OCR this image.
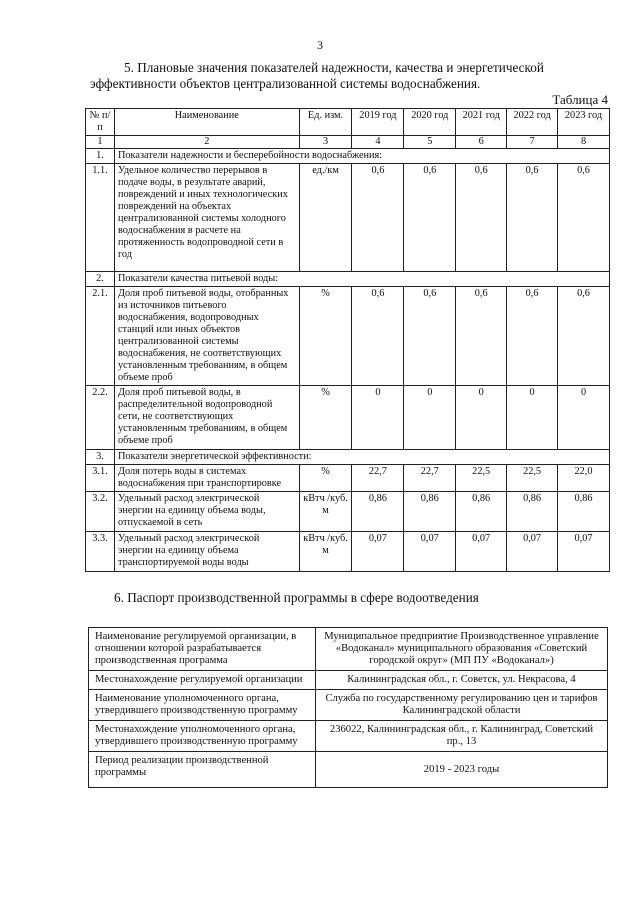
3
5. Плановые значения показателей надежности, качества и энергетической
эффективности объектов централизованной системы водоснабжения.
Таблица 4
№ п/п	Наименование	Ед. изм.	2019 год	2020 год	2021 год	2022 год	2023 год
1	2	3	4	5	6	7	8
1.	Показатели надежности и бесперебойности водоснабжения:						
1.1.	Удельное количество перерывов в подаче воды, в результате аварий, повреждений и иных технологических повреждений на объектах централизованной системы холодного водоснабжения в расчете на протяженность водопроводной сети в год	ед./км	0,6	0,6	0,6	0,6	0,6
2.	Показатели качества питьевой воды:						
2.1.	Доля проб питьевой воды, отобранных из источников питьевого водоснабжения, водопроводных станций или иных объектов централизованной системы водоснабжения, не соответствующих установленным требованиям, в общем объеме проб	%	0,6	0,6	0,6	0,6	0,6
2.2.	Доля проб питьевой воды, в распределительной водопроводной сети, не соответствующих установленным требованиям, в общем объеме проб	%	0	0	0	0	0
3.	Показатели энергетической эффективности:						
3.1.	Доля потерь воды в системах водоснабжения при транспортировке	%	22,7	22,7	22,5	22,5	22,0
3.2.	Удельный расход электрической энергии на единицу объема воды, отпускаемой в сеть	кВтч /куб. м	0,86	0,86	0,86	0,86	0,86
3.3.	Удельный расход электрической энергии на единицу объема транспортируемой воды воды	кВтч /куб. м	0,07	0,07	0,07	0,07	0,07
6. Паспорт производственной программы в сфере водоотведения
Наименование регулируемой организации, в отношении которой разрабатывается производственная программа	Муниципальное предприятие Производственное управление «Водоканал» муниципального образования «Советский городской округ» (МП ПУ «Водоканал»)
Местонахождение регулируемой организации	Калининградская обл., г. Советск, ул. Некрасова, 4
Наименование уполномоченного органа, утвердившего производственную программу	Служба по государственному регулированию цен и тарифов Калининградской области
Местонахождение уполномоченного органа, утвердившего производственную программу	236022, Калининградская обл., г. Калининград, Советский пр., 13
Период реализации производственной программы	2019 - 2023 годы
